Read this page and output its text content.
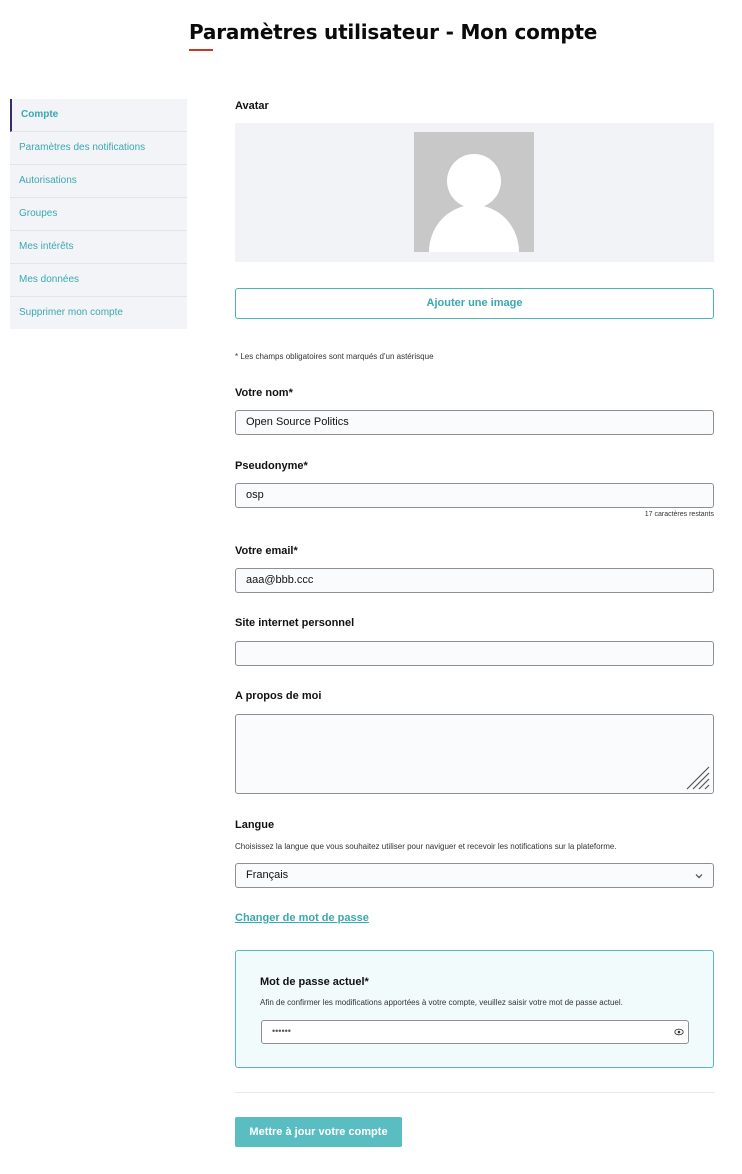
Paramètres utilisateur - Mon compte
Compte
Paramètres des notifications
Autorisations
Groupes
Mes intérêts
Mes données
Supprimer mon compte
Avatar
Ajouter une image
* Les champs obligatoires sont marqués d'un astérisque
Votre nom*
Open Source Politics
Pseudonyme*
osp
17 caractères restants
Votre email*
aaa@bbb.ccc
Site internet personnel
A propos de moi
Langue
Choisissez la langue que vous souhaitez utiliser pour naviguer et recevoir les notifications sur la plateforme.
Français
Changer de mot de passe
Mot de passe actuel*
Afin de confirmer les modifications apportées à votre compte, veuillez saisir votre mot de passe actuel.
••••••
Mettre à jour votre compte
